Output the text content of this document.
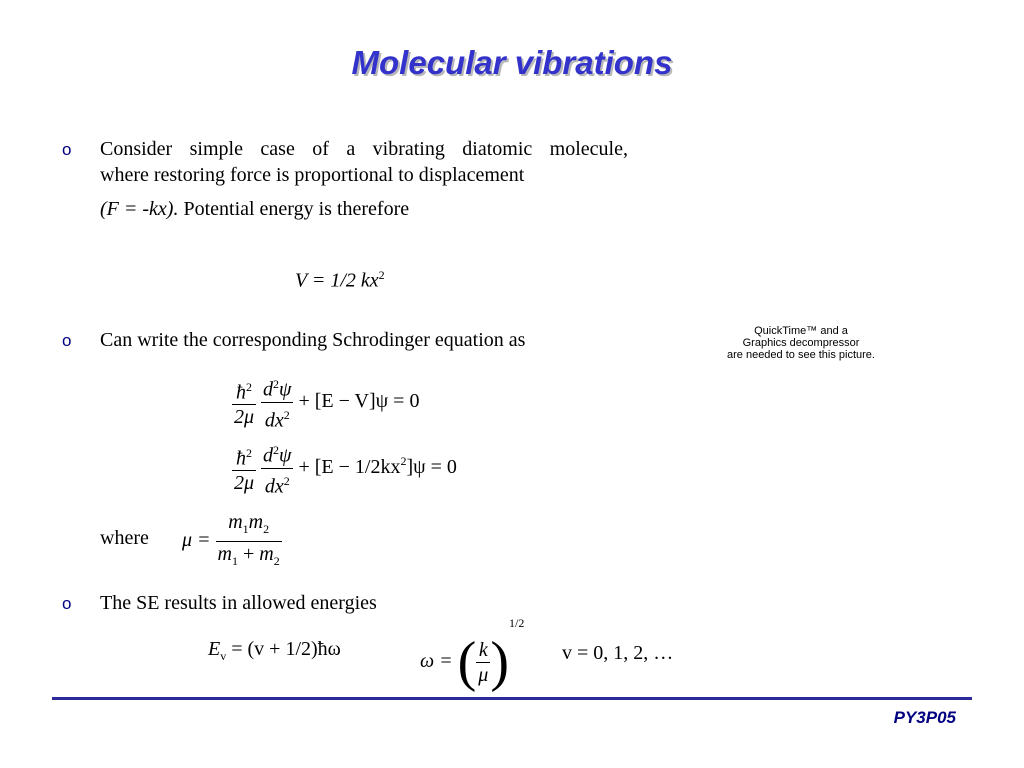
Molecular vibrations
o Consider simple case of a vibrating diatomic molecule,
where restoring force is proportional to displacement
(F = -kx). Potential energy is therefore
V = 1/2 $kx^2$
o Can write the corresponding Schrodinger equation as	QuickTime™ and a
Graphics decompressor
are needed to see this picture.
$\frac{ħ^2}{2\mu}$
$\frac{d^2\psi}{dx^2} + [E - V]\psi = 0$
$\frac{ħ^2}{2\mu}$
$\frac{d^2\psi}{dx^2} + [E - 1/2kx^2]\psi = 0$
where $\mu = \frac{m_1m_2}{m_1 + m_2}$
o The SE results in allowed energies
$E_v = (v$ + 1/2)ħω
ω = ( $\frac{k}{\mu} )^{1/2}$
v = 0, 1, 2, …
PY3P05
